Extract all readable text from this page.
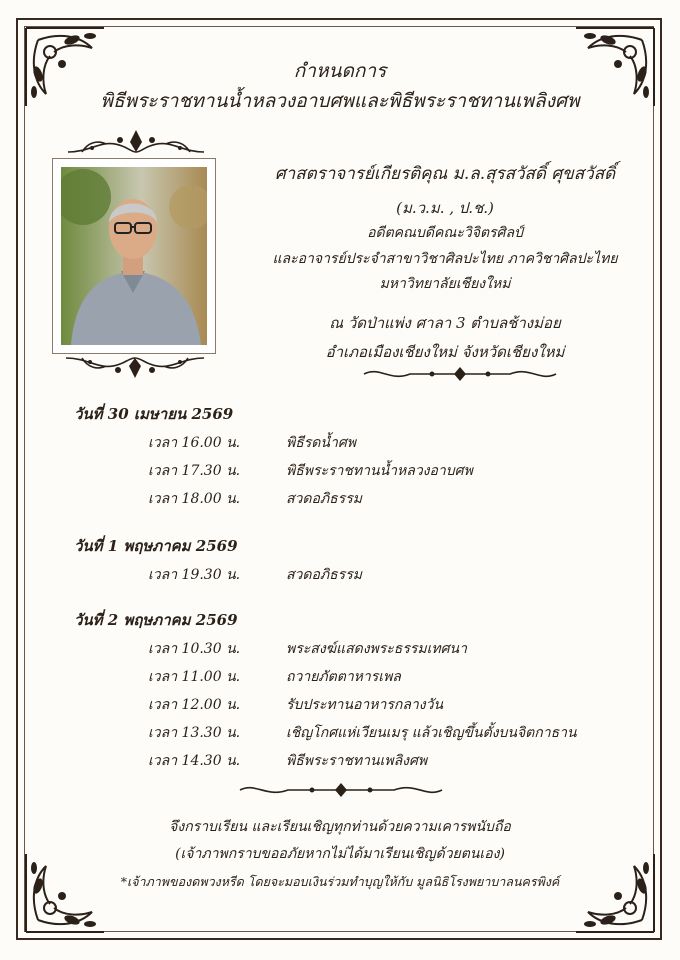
กำหนดการ
พิธีพระราชทานน้ำหลวงอาบศพและพิธีพระราชทานเพลิงศพ
ศาสตราจารย์เกียรติคุณ ม.ล.สุรสวัสดิ์ ศุขสวัสดิ์
(ม.ว.ม. , ป.ช.)
อดีตคณบดีคณะวิจิตรศิลป์
และอาจารย์ประจำสาขาวิชาศิลปะไทย ภาควิชาศิลปะไทย
มหาวิทยาลัยเชียงใหม่
ณ วัดป่าแพ่ง ศาลา 3 ตำบลช้างม่อย
อำเภอเมืองเชียงใหม่ จังหวัดเชียงใหม่
วันที่ 30 เมษายน 2569
เวลา 16.00 น.	พิธีรดน้ำศพ
เวลา 17.30 น.	พิธีพระราชทานน้ำหลวงอาบศพ
เวลา 18.00 น.	สวดอภิธรรม
วันที่ 1 พฤษภาคม 2569
เวลา 19.30 น.	สวดอภิธรรม
วันที่ 2 พฤษภาคม 2569
เวลา 10.30 น.	พระสงฆ์แสดงพระธรรมเทศนา
เวลา 11.00 น.	ถวายภัตตาหารเพล
เวลา 12.00 น.	รับประทานอาหารกลางวัน
เวลา 13.30 น.	เชิญโกศแห่เวียนเมรุ แล้วเชิญขึ้นตั้งบนจิตกาธาน
เวลา 14.30 น.	พิธีพระราชทานเพลิงศพ
จึงกราบเรียน และเรียนเชิญทุกท่านด้วยความเคารพนับถือ
(เจ้าภาพกราบขออภัยหากไม่ได้มาเรียนเชิญด้วยตนเอง)
*เจ้าภาพของดพวงหรีด โดยจะมอบเงินร่วมทำบุญให้กับ มูลนิธิโรงพยาบาลนครพิงค์
